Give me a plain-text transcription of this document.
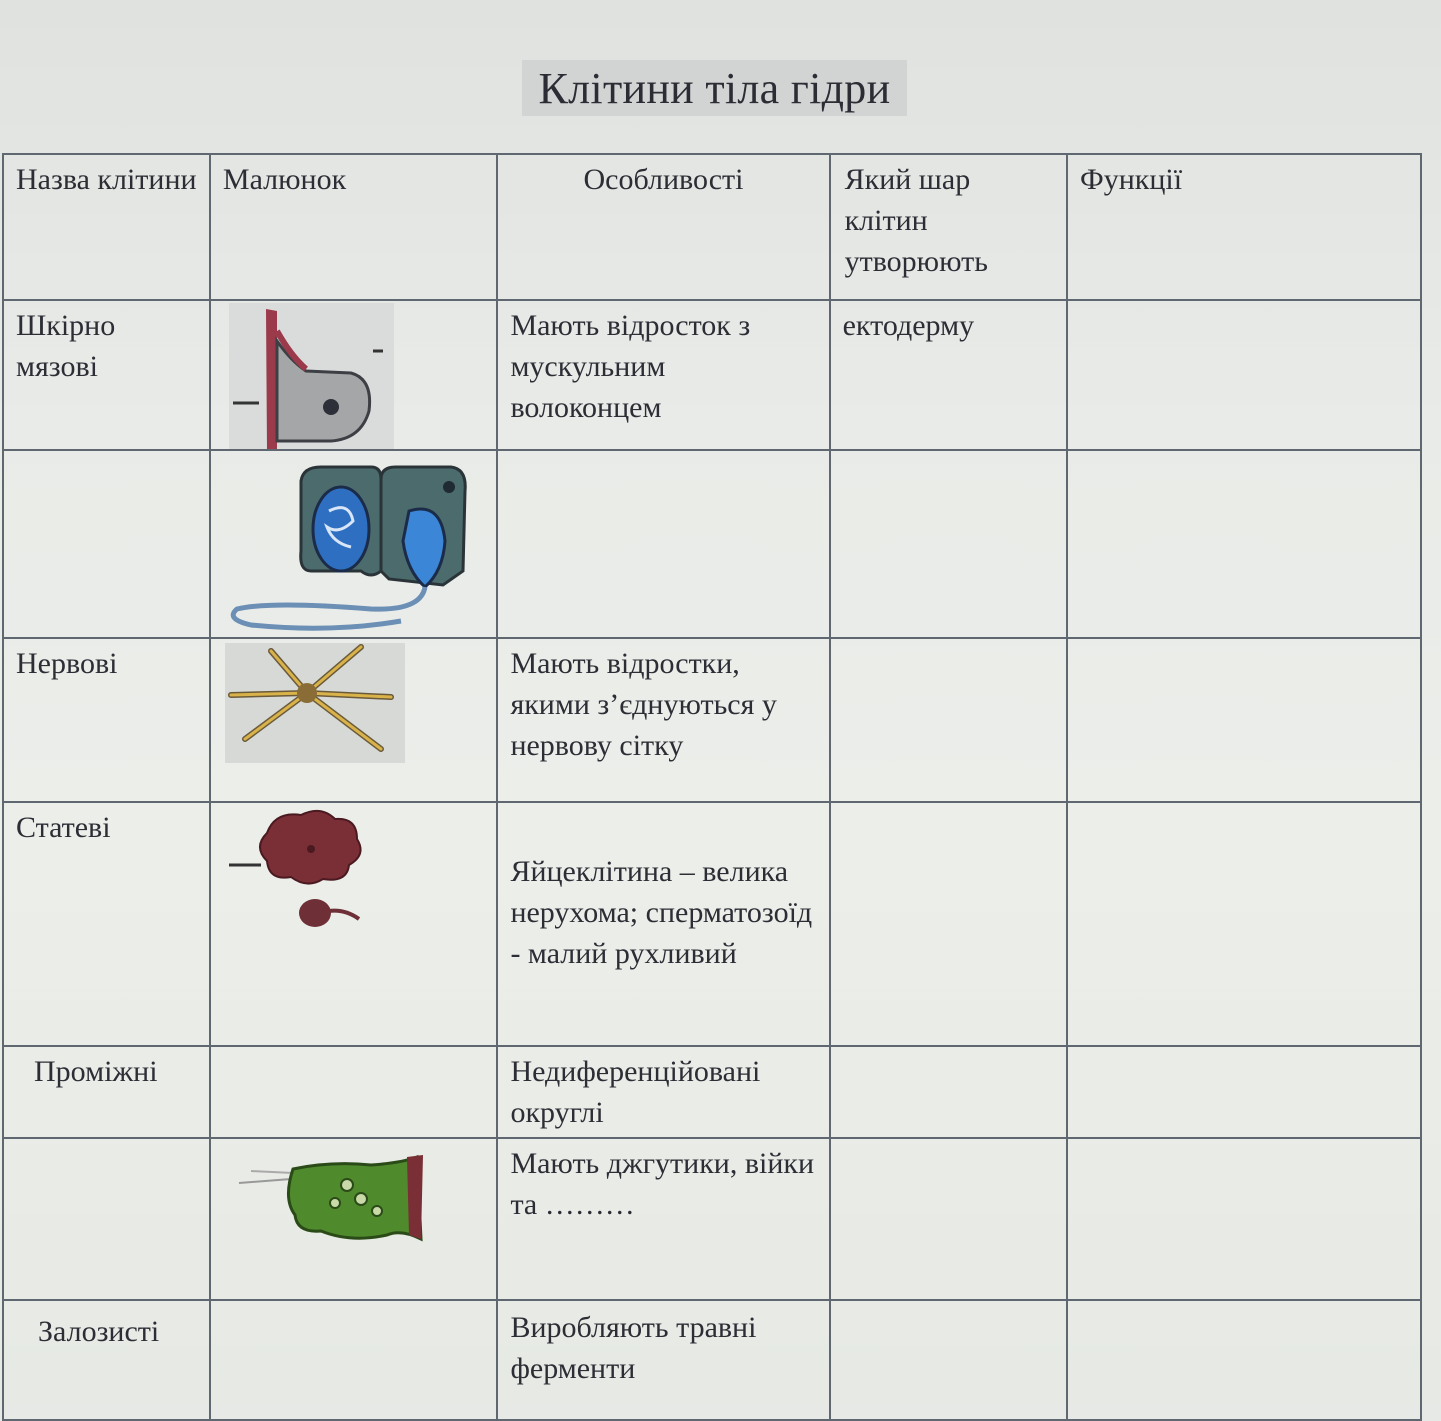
Клітини тіла гідри
Назва клітини	Малюнок	Особливості	Який шар клітин утворюють	Функції
Шкірно мязові		Мають відросток з мускульним волоконцем	ектодерму	

Нервові		Мають відростки, якими з’єднуються у нервову сітку		
Статеві		Яйцеклітина – велика нерухома; сперматозоїд - малий рухливий		
Проміжні		Недиференційовані округлі		

	Мають джгутики, війки та ………		
Залозисті		Виробляють травні ферменти		
